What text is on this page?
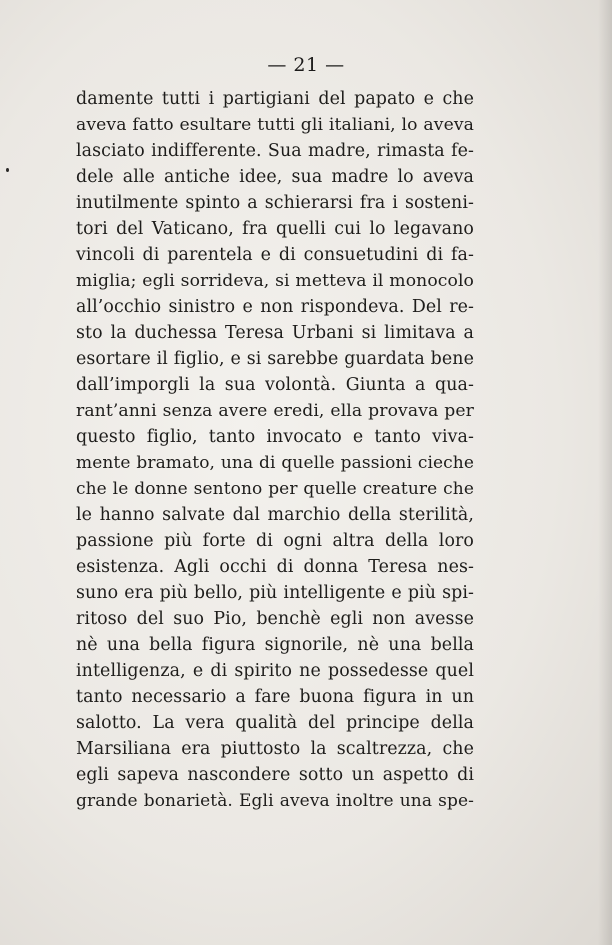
— 21 —
damente tutti i partigiani del papato e che
aveva fatto esultare tutti gli italiani, lo aveva
lasciato indifferente. Sua madre, rimasta fe-
dele alle antiche idee, sua madre lo aveva
inutilmente spinto a schierarsi fra i sosteni-
tori del Vaticano, fra quelli cui lo legavano
vincoli di parentela e di consuetudini di fa-
miglia; egli sorrideva, si metteva il monocolo
all’occhio sinistro e non rispondeva. Del re-
sto la duchessa Teresa Urbani si limitava a
esortare il figlio, e si sarebbe guardata bene
dall’imporgli la sua volontà. Giunta a qua-
rant’anni senza avere eredi, ella provava per
questo figlio, tanto invocato e tanto viva-
mente bramato, una di quelle passioni cieche
che le donne sentono per quelle creature che
le hanno salvate dal marchio della sterilità,
passione più forte di ogni altra della loro
esistenza. Agli occhi di donna Teresa nes-
suno era più bello, più intelligente e più spi-
ritoso del suo Pio, benchè egli non avesse
nè una bella figura signorile, nè una bella
intelligenza, e di spirito ne possedesse quel
tanto necessario a fare buona figura in un
salotto. La vera qualità del principe della
Marsiliana era piuttosto la scaltrezza, che
egli sapeva nascondere sotto un aspetto di
grande bonarietà. Egli aveva inoltre una spe-
